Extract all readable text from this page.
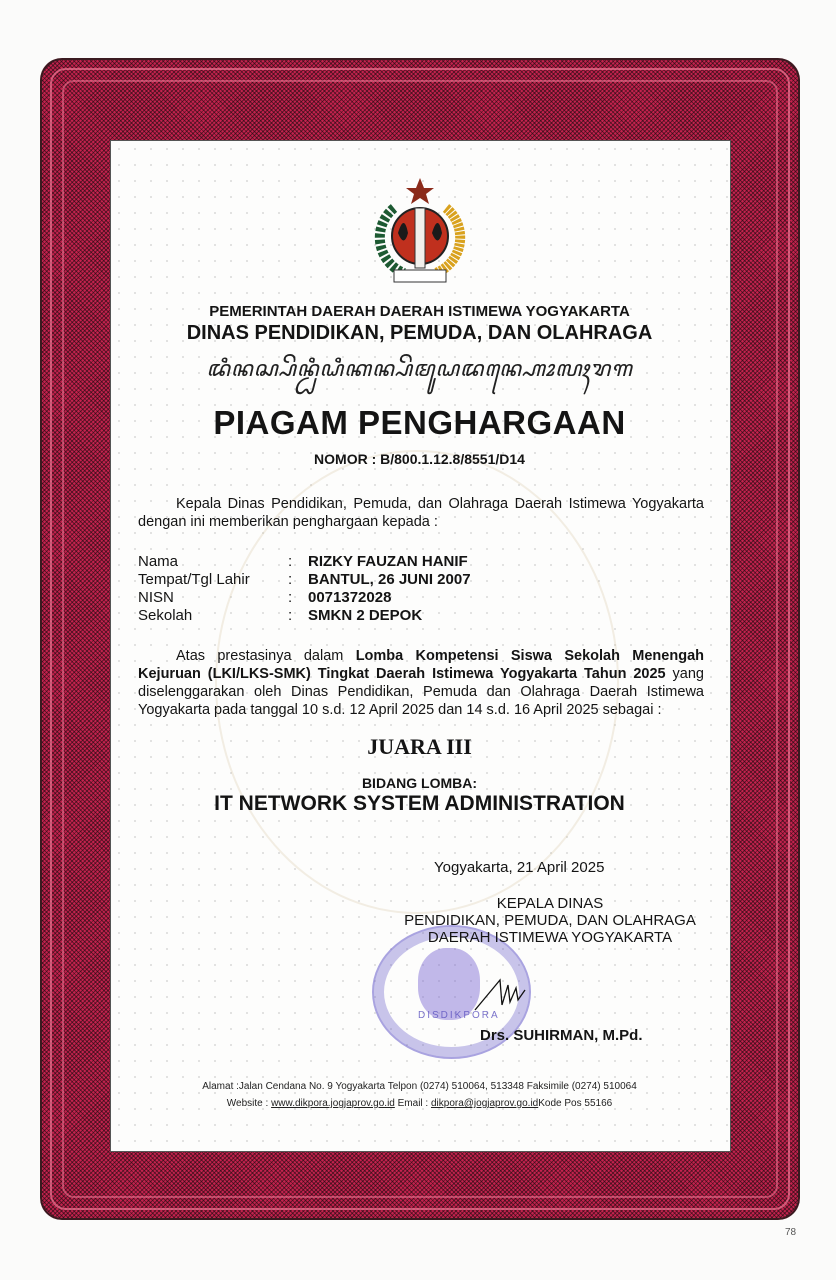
PEMERINTAH DAERAH DAERAH ISTIMEWA YOGYAKARTA
DINAS PENDIDIKAN, PEMUDA, DAN OLAHRAGA
ꦢꦶꦤꦱ꧀ꦥꦼꦤ꧀ꦝꦶꦝꦶꦏꦤ꧀ꦥꦼꦩꦸꦝꦢꦤ꧀ꦲꦺꦴꦭꦃꦫꦒ
PIAGAM PENGHARGAAN
NOMOR : B/800.1.12.8/8551/D14
Kepala Dinas Pendidikan, Pemuda, dan Olahraga Daerah Istimewa Yogyakarta dengan ini memberikan penghargaan kepada :
Nama	:	RIZKY FAUZAN HANIF
Tempat/Tgl Lahir	:	BANTUL, 26 JUNI 2007
NISN	:	0071372028
Sekolah	:	SMKN 2 DEPOK
Atas prestasinya dalam Lomba Kompetensi Siswa Sekolah Menengah Kejuruan (LKI/LKS-SMK) Tingkat Daerah Istimewa Yogyakarta Tahun 2025 yang diselenggarakan oleh Dinas Pendidikan, Pemuda dan Olahraga Daerah Istimewa Yogyakarta pada tanggal 10 s.d. 12 April 2025 dan 14 s.d. 16 April 2025 sebagai :
JUARA III
BIDANG LOMBA:
IT NETWORK SYSTEM ADMINISTRATION
DISDIKPORA
Yogyakarta, 21 April 2025
KEPALA DINAS
PENDIDIKAN, PEMUDA, DAN OLAHRAGA
DAERAH ISTIMEWA YOGYAKARTA
Drs. SUHIRMAN, M.Pd.
Alamat :Jalan Cendana No. 9 Yogyakarta Telpon (0274) 510064, 513348 Faksimile (0274) 510064
Website : www.dikpora.jogjaprov.go.id Email : dikpora@jogjaprov.go.idKode Pos 55166
78
